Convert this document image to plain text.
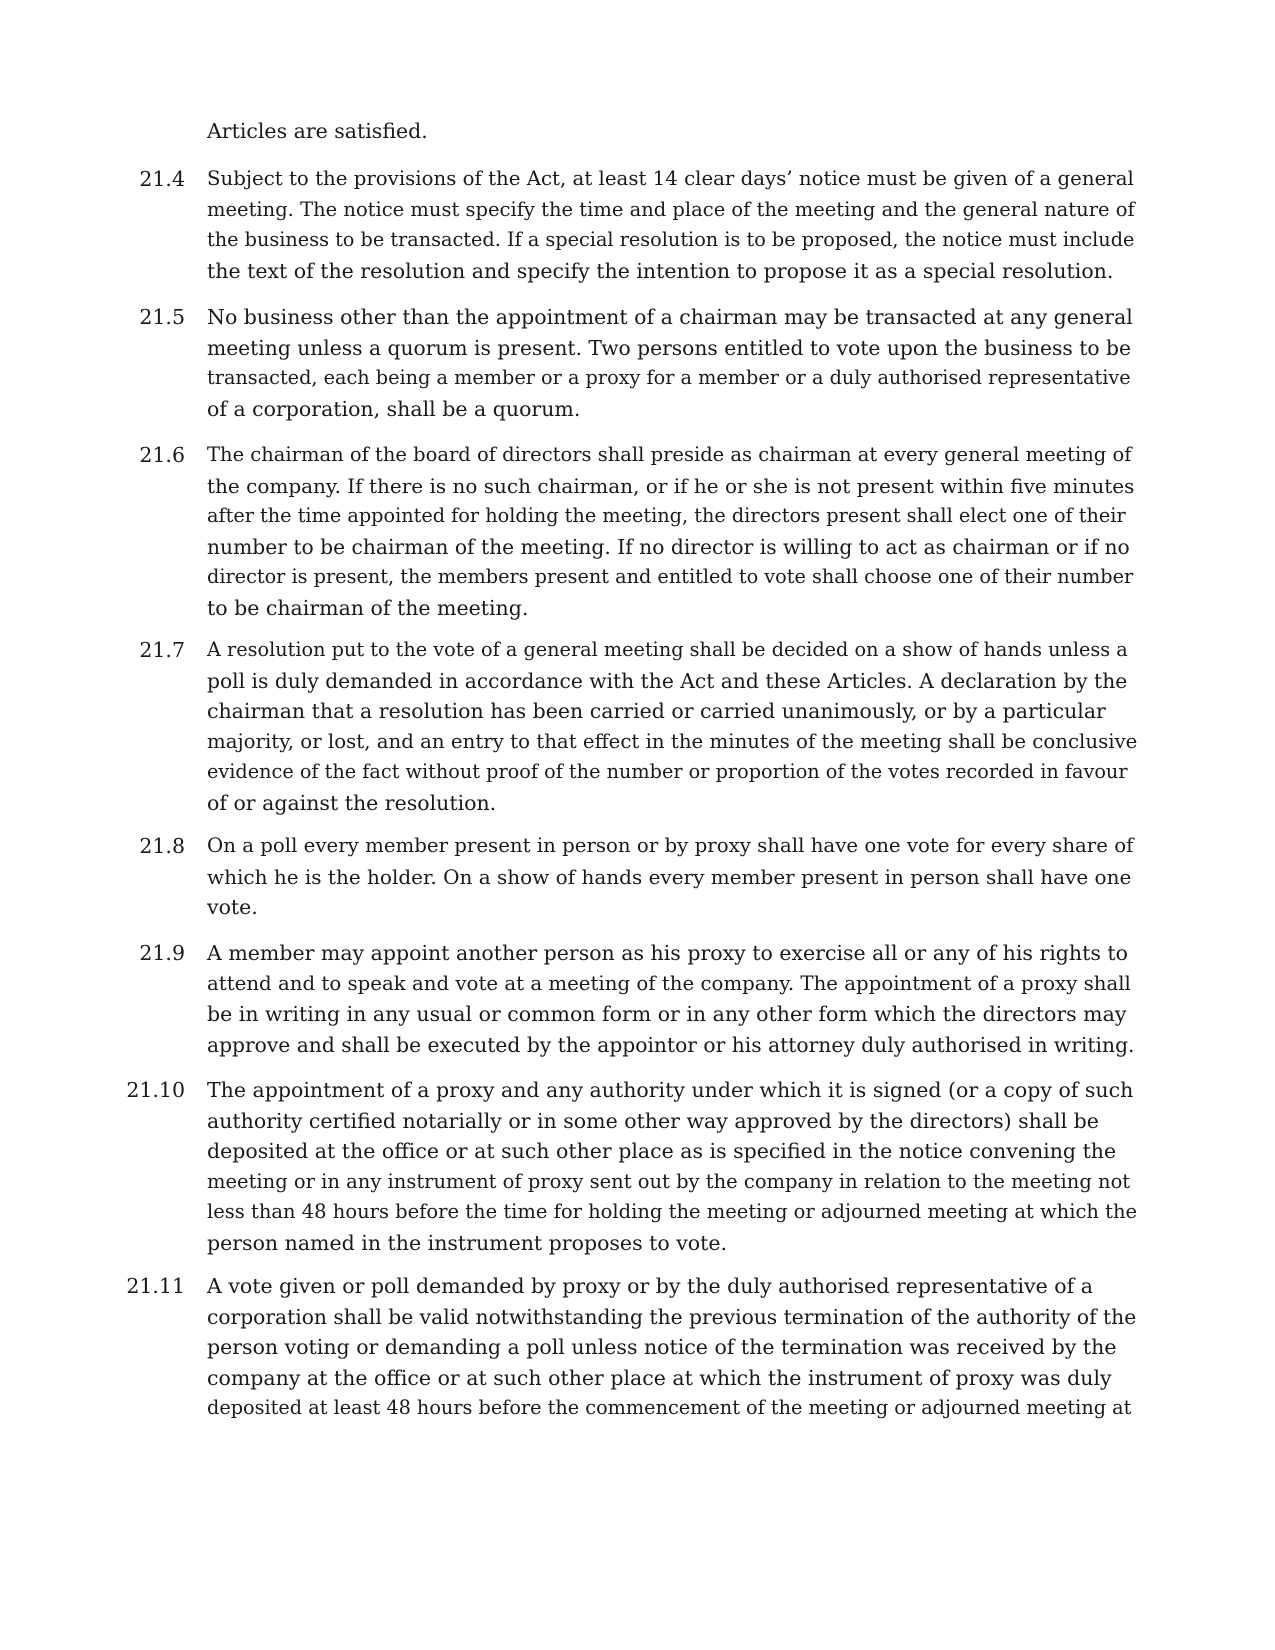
Articles are satisfied.
21.4 Subject to the provisions of the Act, at least 14 clear days’ notice must be given of a general
meeting. The notice must specify the time and place of the meeting and the general nature of
the business to be transacted. If a special resolution is to be proposed, the notice must include
the text of the resolution and specify the intention to propose it as a special resolution.
21.5 No business other than the appointment of a chairman may be transacted at any general
meeting unless a quorum is present. Two persons entitled to vote upon the business to be
transacted, each being a member or a proxy for a member or a duly authorised representative
of a corporation, shall be a quorum.
21.6 The chairman of the board of directors shall preside as chairman at every general meeting of
the company. If there is no such chairman, or if he or she is not present within five minutes
after the time appointed for holding the meeting, the directors present shall elect one of their
number to be chairman of the meeting. If no director is willing to act as chairman or if no
director is present, the members present and entitled to vote shall choose one of their number
to be chairman of the meeting.
21.7 A resolution put to the vote of a general meeting shall be decided on a show of hands unless a
poll is duly demanded in accordance with the Act and these Articles. A declaration by the
chairman that a resolution has been carried or carried unanimously, or by a particular
majority, or lost, and an entry to that effect in the minutes of the meeting shall be conclusive
evidence of the fact without proof of the number or proportion of the votes recorded in favour
of or against the resolution.
21.8 On a poll every member present in person or by proxy shall have one vote for every share of
which he is the holder. On a show of hands every member present in person shall have one
vote.
21.9 A member may appoint another person as his proxy to exercise all or any of his rights to
attend and to speak and vote at a meeting of the company. The appointment of a proxy shall
be in writing in any usual or common form or in any other form which the directors may
approve and shall be executed by the appointor or his attorney duly authorised in writing.
21.10 The appointment of a proxy and any authority under which it is signed (or a copy of such
authority certified notarially or in some other way approved by the directors) shall be
deposited at the office or at such other place as is specified in the notice convening the
meeting or in any instrument of proxy sent out by the company in relation to the meeting not
less than 48 hours before the time for holding the meeting or adjourned meeting at which the
person named in the instrument proposes to vote.
21.11 A vote given or poll demanded by proxy or by the duly authorised representative of a
corporation shall be valid notwithstanding the previous termination of the authority of the
person voting or demanding a poll unless notice of the termination was received by the
company at the office or at such other place at which the instrument of proxy was duly
deposited at least 48 hours before the commencement of the meeting or adjourned meeting at
